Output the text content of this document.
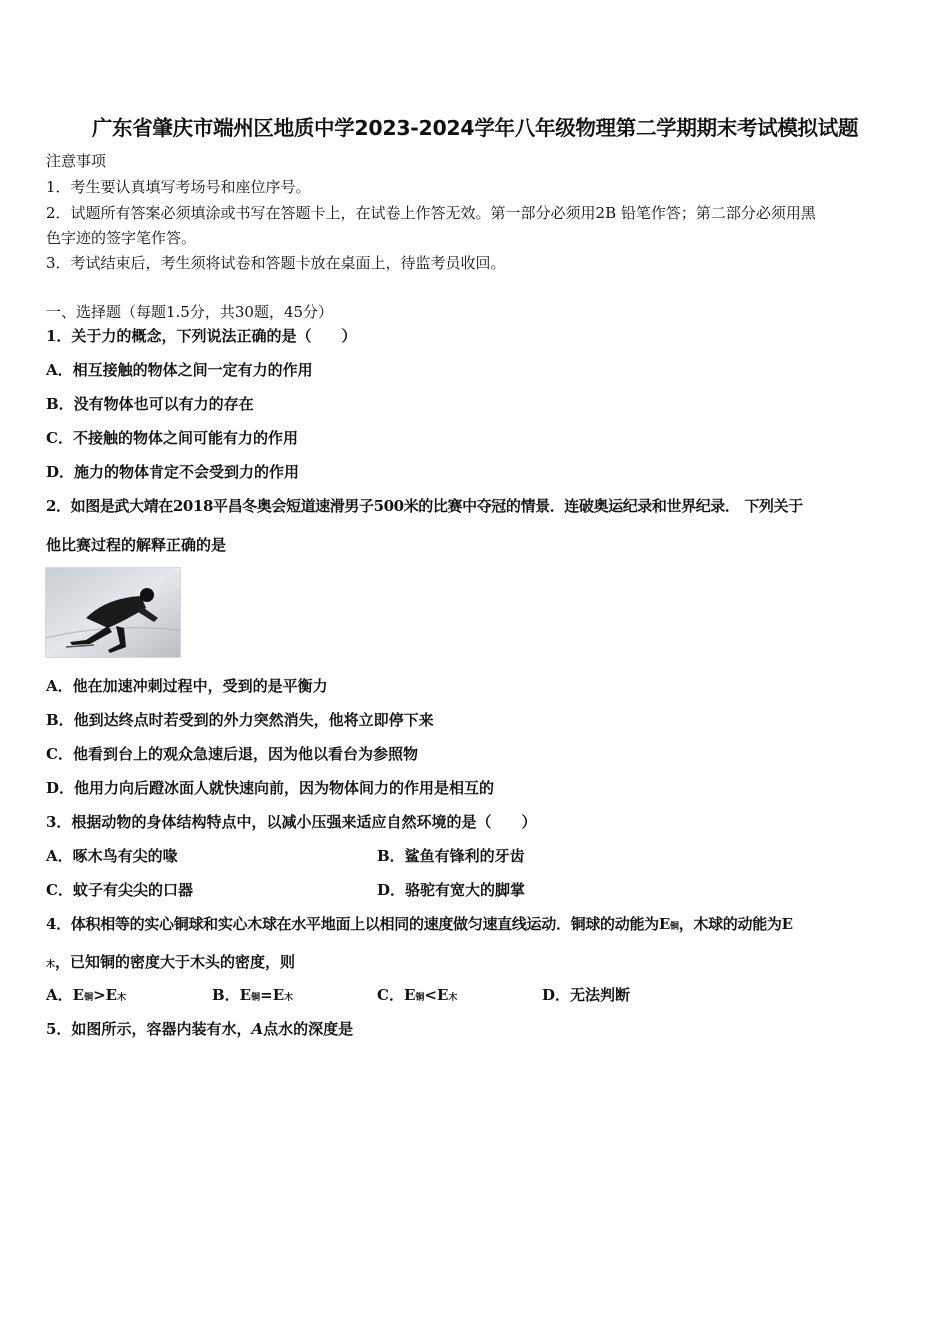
广东省肇庆市端州区地质中学2023-2024学年八年级物理第二学期期末考试模拟试题
注意事项
1．考生要认真填写考场号和座位序号。
2．试题所有答案必须填涂或书写在答题卡上，在试卷上作答无效。第一部分必须用2B 铅笔作答；第二部分必须用黑
色字迹的签字笔作答。
3．考试结束后，考生须将试卷和答题卡放在桌面上，待监考员收回。
一、选择题（每题1.5分，共30题，45分）
1．关于力的概念，下列说法正确的是（　　）
A．相互接触的物体之间一定有力的作用
B．没有物体也可以有力的存在
C．不接触的物体之间可能有力的作用
D．施力的物体肯定不会受到力的作用
2．如图是武大靖在2018平昌冬奥会短道速滑男子500米的比赛中夺冠的情景．连破奥运纪录和世界纪录． 下列关于
他比赛过程的解释正确的是
A．他在加速冲刺过程中，受到的是平衡力
B．他到达终点时若受到的外力突然消失，他将立即停下来
C．他看到台上的观众急速后退，因为他以看台为参照物
D．他用力向后蹬冰面人就快速向前，因为物体间力的作用是相互的
3．根据动物的身体结构特点中，以减小压强来适应自然环境的是（　　）
A．啄木鸟有尖的喙	B．鲨鱼有锋利的牙齿
C．蚊子有尖尖的口器	D．骆驼有宽大的脚掌
4．体积相等的实心铜球和实心木球在水平地面上以相同的速度做匀速直线运动．铜球的动能为E铜，木球的动能为E
木，已知铜的密度大于木头的密度，则
A．E铜>E木	B．E铜=E木	C．E铜<E木	D．无法判断
5．如图所示，容器内装有水，A点水的深度是
